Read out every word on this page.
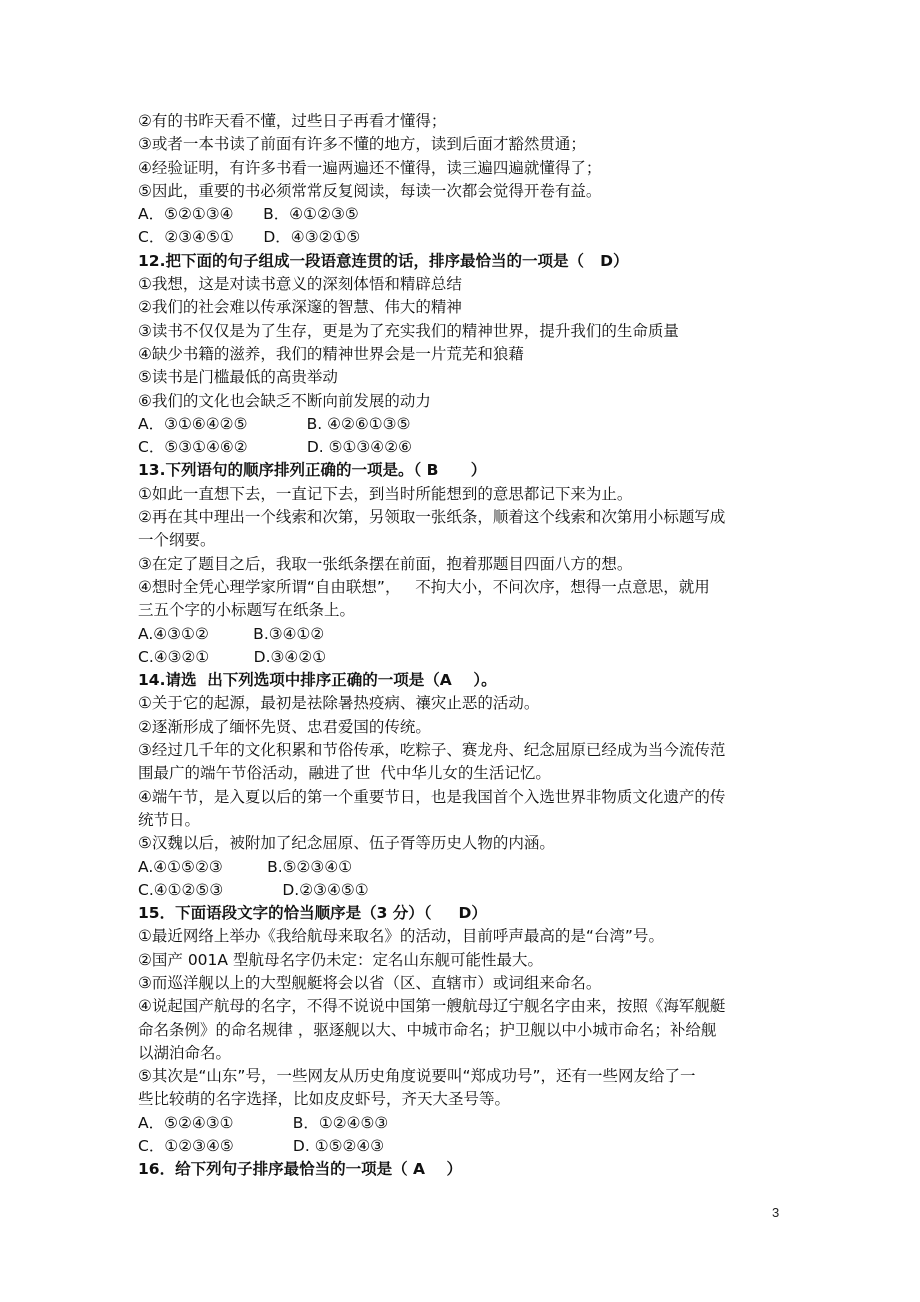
②有的书昨天看不懂，过些日子再看才懂得；

③或者一本书读了前面有许多不懂的地方，读到后面才豁然贯通；

④经验证明，有许多书看一遍两遍还不懂得，读三遍四遍就懂得了；

⑤因此，重要的书必须常常反复阅读，每读一次都会觉得开卷有益。

A．⑤②①③④      B．④①②③⑤

C．②③④⑤①      D．④③②①⑤

12.把下面的句子组成一段语意连贯的话，排序最恰当的一项是（   D）

①我想，这是对读书意义的深刻体悟和精辟总结

②我们的社会难以传承深邃的智慧、伟大的精神

③读书不仅仅是为了生存，更是为了充实我们的精神世界，提升我们的生命质量

④缺少书籍的滋养，我们的精神世界会是一片荒芜和狼藉

⑤读书是门槛最低的高贵举动

⑥我们的文化也会缺乏不断向前发展的动力

A．③①⑥④②⑤            B. ④②⑥①③⑤

C．⑤③①④⑥②            D. ⑤①③④②⑥

13.下列语句的顺序排列正确的一项是。（ B      ）

①如此一直想下去，一直记下去，到当时所能想到的意思都记下来为止。

②再在其中理出一个线索和次第，另领取一张纸条，顺着这个线索和次第用小标题写成

一个纲要。

③在定了题目之后，我取一张纸条摆在前面，抱着那题目四面八方的想。

④想时全凭心理学家所谓“自由联想”，   不拘大小，不问次序，想得一点意思，就用

三五个字的小标题写在纸条上。

A.④③①②         B.③④①②

C.④③②①         D.③④②①

14.请选  出下列选项中排序正确的一项是（A    ）。

①关于它的起源，最初是祛除暑热疫病、禳灾止恶的活动。

②逐渐形成了缅怀先贤、忠君爱国的传统。

③经过几千年的文化积累和节俗传承，吃粽子、赛龙舟、纪念屈原已经成为当今流传范

围最广的端午节俗活动，融进了世  代中华儿女的生活记忆。

④端午节，是入夏以后的第一个重要节日，也是我国首个入选世界非物质文化遗产的传

统节日。

⑤汉魏以后，被附加了纪念屈原、伍子胥等历史人物的内涵。

A.④①⑤②③         B.⑤②③④①

C.④①②⑤③            D.②③④⑤①

15．下面语段文字的恰当顺序是（3 分）（     D）

①最近网络上举办《我给航母来取名》的活动，目前呼声最高的是“台湾”号。

②国产 001A 型航母名字仍未定：定名山东舰可能性最大。

③而巡洋舰以上的大型舰艇将会以省（区、直辖市）或词组来命名。

④说起国产航母的名字，不得不说说中国第一艘航母辽宁舰名字由来，按照《海军舰艇

命名条例》的命名规律 ，驱逐舰以大、中城市命名；护卫舰以中小城市命名；补给舰

以湖泊命名。

⑤其次是“山东”号，一些网友从历史角度说要叫“郑成功号”，还有一些网友给了一

些比较萌的名字选择，比如皮皮虾号，齐天大圣号等。

A．⑤②④③①            B．①②④⑤③

C．①②③④⑤            D. ①⑤②④③

16．给下列句子排序最恰当的一项是（ A    ）

3
